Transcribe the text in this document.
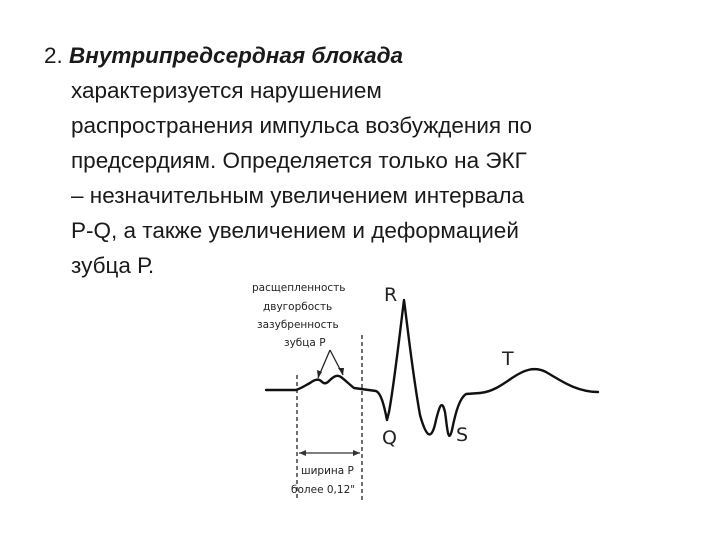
2. Внутрипредсердная блокада
характеризуется нарушением
распространения импульса возбуждения по
предсердиям. Определяется только на ЭКГ
– незначительным увеличением интервала
P-Q, а также увеличением и деформацией
зубца Р.
расщепленность
двугорбость
зазубренность
зубца Р
ширина Р
более 0,12"
R
Q	S
T
